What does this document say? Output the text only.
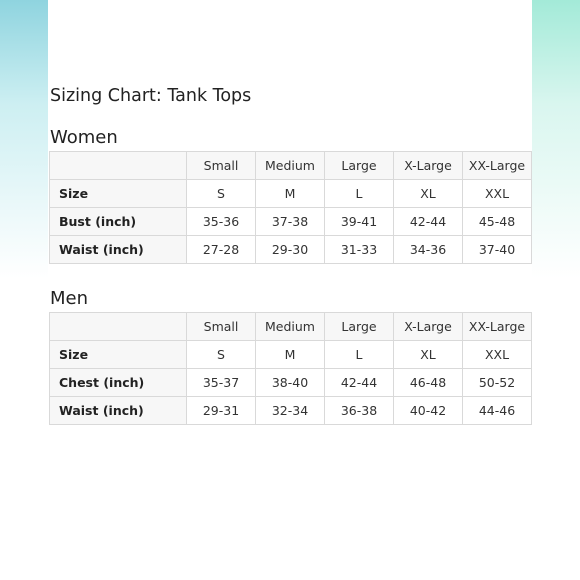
Sizing Chart: Tank Tops
Women
	Small	Medium	Large	X-Large	XX-Large
Size	S	M	L	XL	XXL
Bust (inch)	35-36	37-38	39-41	42-44	45-48
Waist (inch)	27-28	29-30	31-33	34-36	37-40
Men
	Small	Medium	Large	X-Large	XX-Large
Size	S	M	L	XL	XXL
Chest (inch)	35-37	38-40	42-44	46-48	50-52
Waist (inch)	29-31	32-34	36-38	40-42	44-46
